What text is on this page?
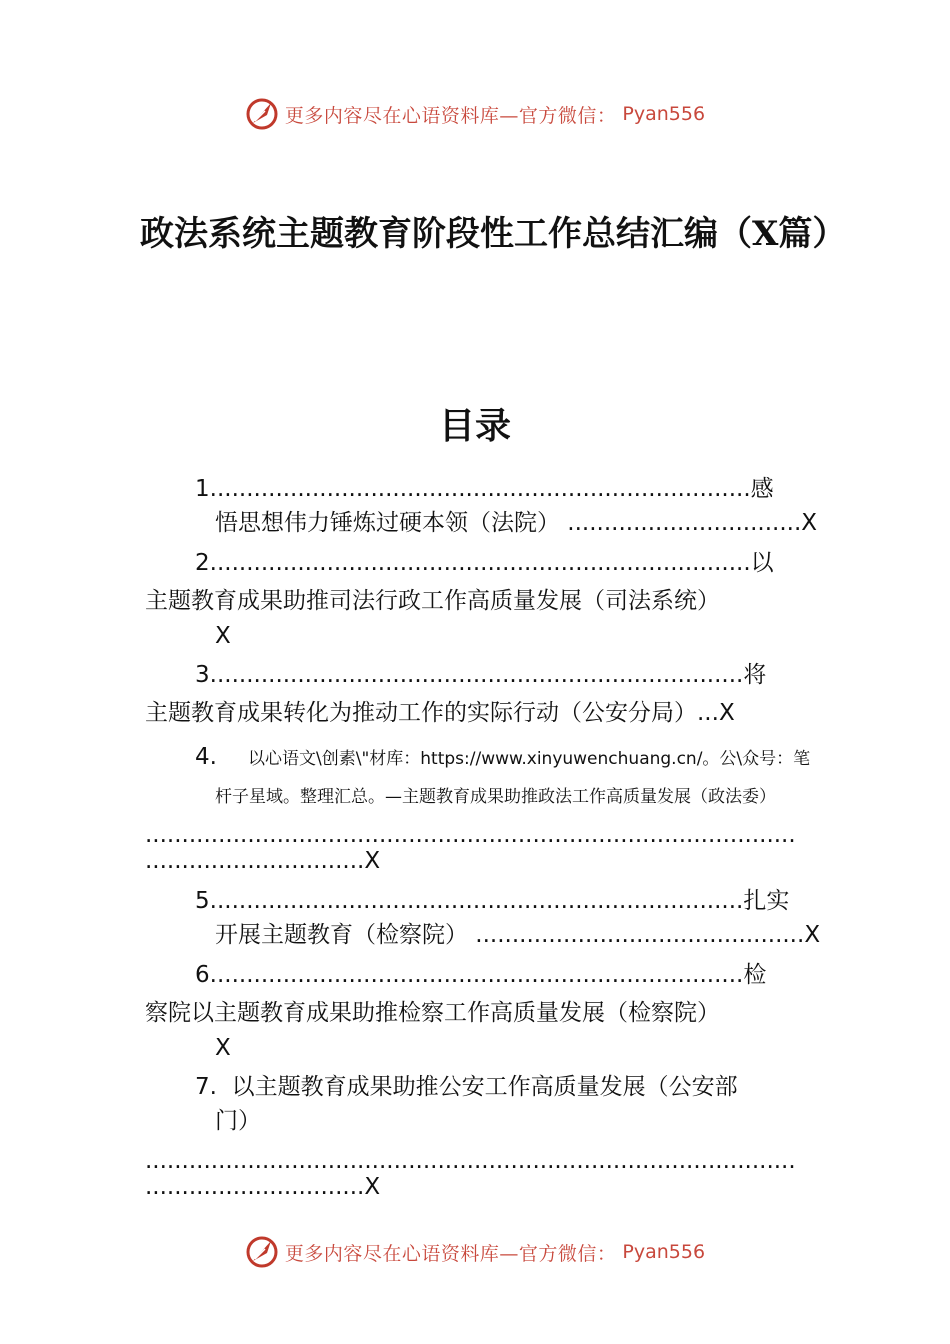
更多内容尽在心语资料库—官方微信： Pyan556
政法系统主题教育阶段性工作总结汇编（X篇）
目录
1..........................................................................感
悟思想伟力锤炼过硬本领（法院） ................................X
2..........................................................................以
主题教育成果助推司法行政工作高质量发展（司法系统）
X
3.........................................................................将
主题教育成果转化为推动工作的实际行动（公安分局）...X
4. 以心语文\创素\"材库：https://www.xinyuwenchuang.cn/。公\众号：笔
杆子星域。整理汇总。—主题教育成果助推政法工作高质量发展（政法委）
.........................................................................................
..............................X
5.........................................................................扎实
开展主题教育（检察院） .............................................X
6.........................................................................检
察院以主题教育成果助推检察工作高质量发展（检察院）
X
7.  以主题教育成果助推公安工作高质量发展（公安部
门）
.........................................................................................
..............................X
更多内容尽在心语资料库—官方微信： Pyan556
